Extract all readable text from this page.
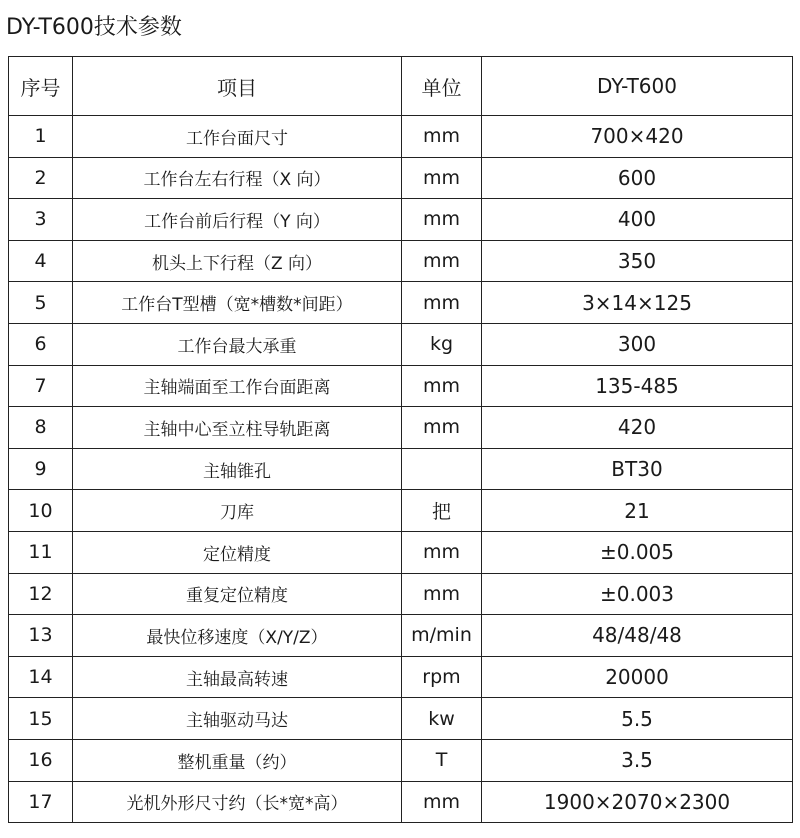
DY-T600技术参数
序号	项目	单位	DY-T600
1	工作台面尺寸	mm	700×420
2	工作台左右行程（X 向）	mm	600
3	工作台前后行程（Y 向）	mm	400
4	机头上下行程（Z 向）	mm	350
5	工作台T型槽（宽*槽数*间距）	mm	3×14×125
6	工作台最大承重	kg	300
7	主轴端面至工作台面距离	mm	135-485
8	主轴中心至立柱导轨距离	mm	420
9	主轴锥孔		BT30
10	刀库	把	21
11	定位精度	mm	±0.005
12	重复定位精度	mm	±0.003
13	最快位移速度（X/Y/Z）	m/min	48/48/48
14	主轴最高转速	rpm	20000
15	主轴驱动马达	kw	5.5
16	整机重量（约）	T	3.5
17	光机外形尺寸约（长*宽*高）	mm	1900×2070×2300
